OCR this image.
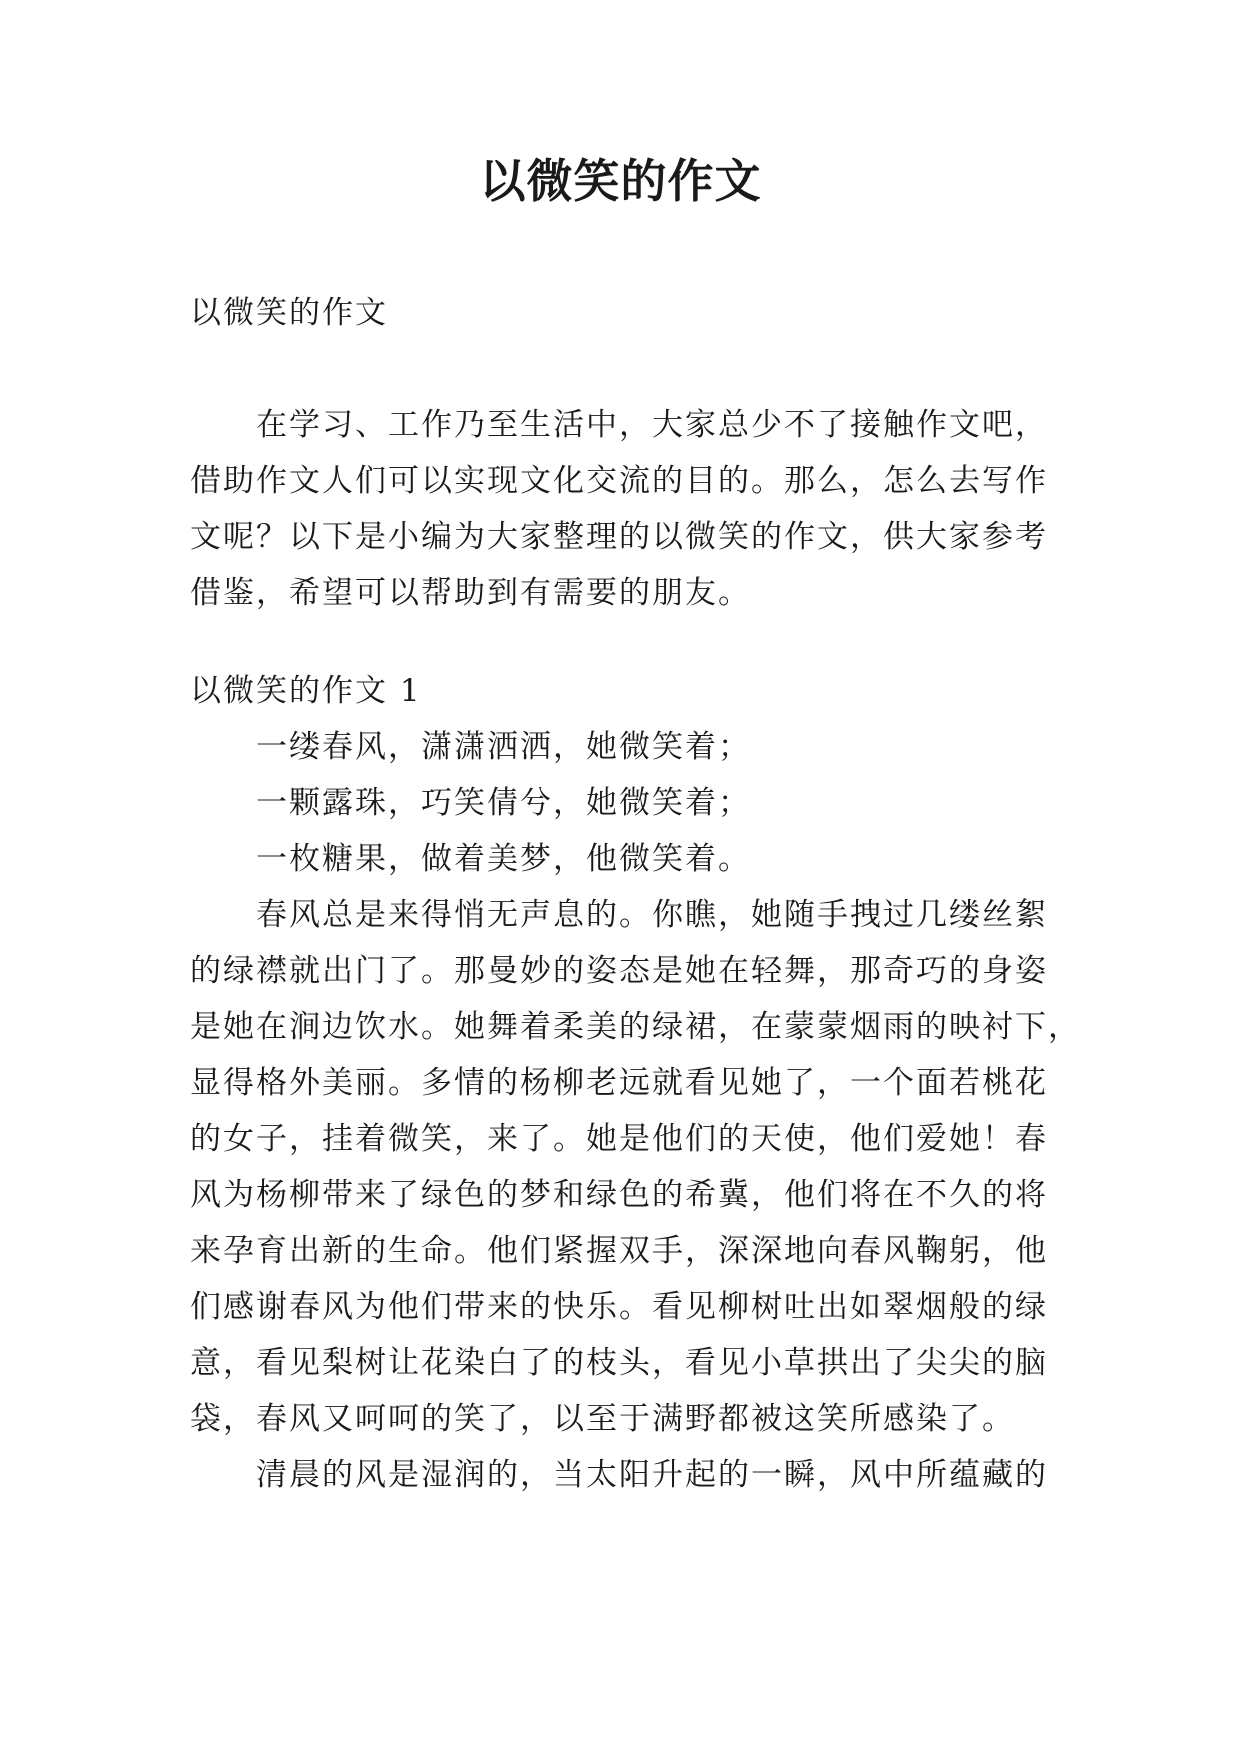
以微笑的作文
以微笑的作文
在学习、工作乃至生活中，大家总少不了接触作文吧，
借助作文人们可以实现文化交流的目的。那么，怎么去写作
文呢？以下是小编为大家整理的以微笑的作文，供大家参考
借鉴，希望可以帮助到有需要的朋友。
以微笑的作文 1
一缕春风，潇潇洒洒，她微笑着；
一颗露珠，巧笑倩兮，她微笑着；
一枚糖果，做着美梦，他微笑着。
春风总是来得悄无声息的。你瞧，她随手拽过几缕丝絮
的绿襟就出门了。那曼妙的姿态是她在轻舞，那奇巧的身姿
是她在涧边饮水。她舞着柔美的绿裙，在蒙蒙烟雨的映衬下，
显得格外美丽。多情的杨柳老远就看见她了，一个面若桃花
的女子，挂着微笑，来了。她是他们的天使，他们爱她！春
风为杨柳带来了绿色的梦和绿色的希冀，他们将在不久的将
来孕育出新的生命。他们紧握双手，深深地向春风鞠躬，他
们感谢春风为他们带来的快乐。看见柳树吐出如翠烟般的绿
意，看见梨树让花染白了的枝头，看见小草拱出了尖尖的脑
袋，春风又呵呵的笑了，以至于满野都被这笑所感染了。
清晨的风是湿润的，当太阳升起的一瞬，风中所蕴藏的
